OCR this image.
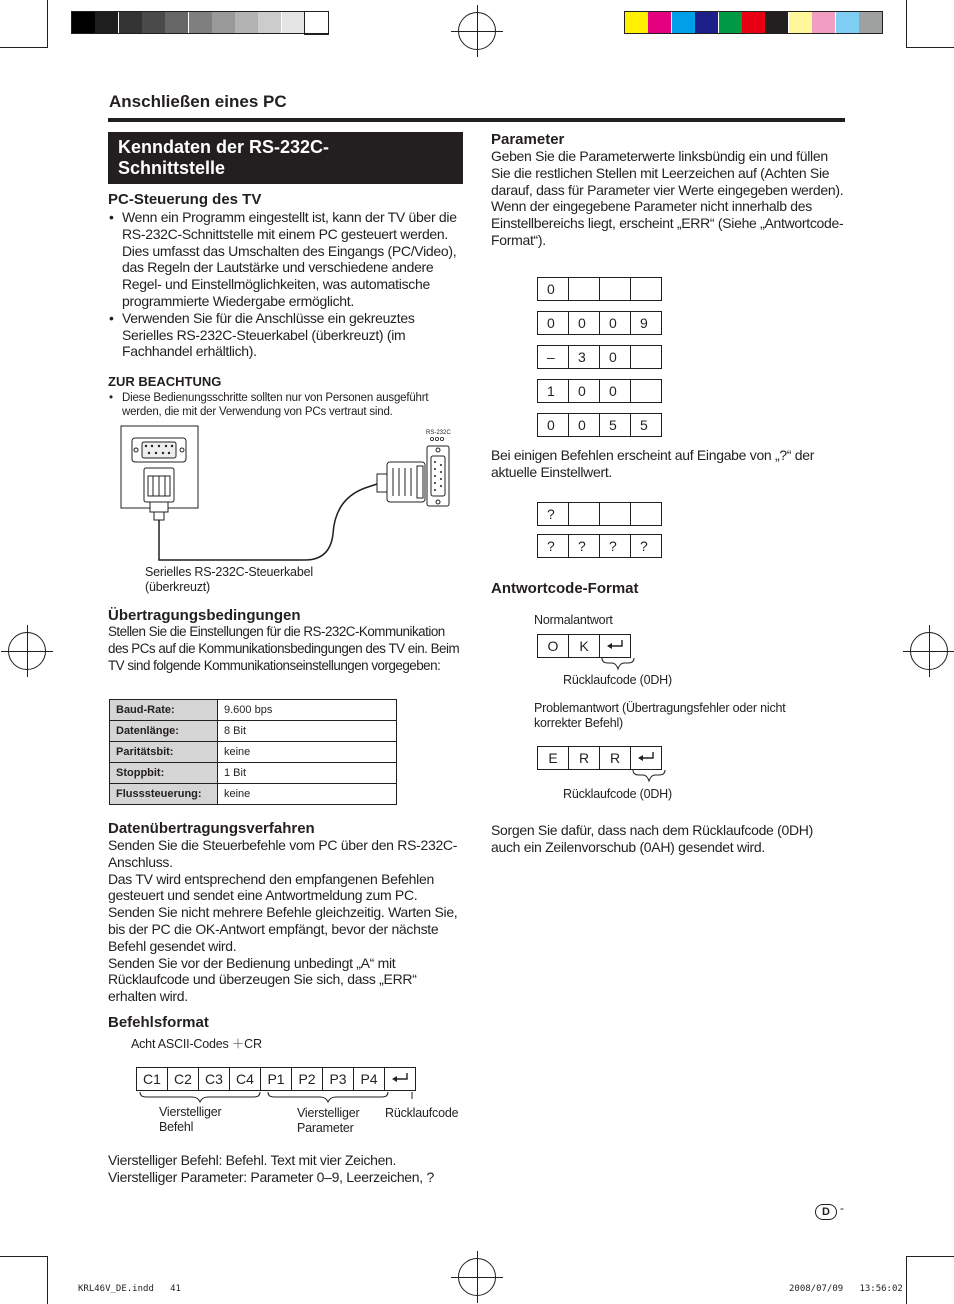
Anschließen eines PC
Kenndaten der RS-232C-
Schnittstelle
PC-Steuerung des TV
• Wenn ein Programm eingestellt ist, kann der TV über die RS-232C-Schnittstelle mit einem PC gesteuert werden. Dies umfasst das Umschalten des Eingangs (PC/Video), das Regeln der Lautstärke und verschiedene andere Regel- und Einstellmöglichkeiten, was automatische programmierte Wiedergabe ermöglicht.
• Verwenden Sie für die Anschlüsse ein gekreuztes Serielles RS-232C-Steuerkabel (überkreuzt) (im Fachhandel erhältlich).
ZUR BEACHTUNG
• Diese Bedienungsschritte sollten nur von Personen ausgeführt werden, die mit der Verwendung von PCs vertraut sind.
RS-232C
Serielles RS-232C-Steuerkabel
(überkreuzt)
Übertragungsbedingungen
Stellen Sie die Einstellungen für die RS-232C-Kommunikation des PCs auf die Kommunikationsbedingungen des TV ein. Beim TV sind folgende Kommunikationseinstellungen vorgegeben:
Baud-Rate:	9.600 bps
Datenlänge:	8 Bit
Paritätsbit:	keine
Stoppbit:	1 Bit
Flusssteuerung:	keine
Datenübertragungsverfahren
Senden Sie die Steuerbefehle vom PC über den RS-232C-Anschluss.
Das TV wird entsprechend den empfangenen Befehlen gesteuert und sendet eine Antwortmeldung zum PC. Senden Sie nicht mehrere Befehle gleichzeitig. Warten Sie, bis der PC die OK-Antwort empfängt, bevor der nächste Befehl gesendet wird.
Senden Sie vor der Bedienung unbedingt „A“ mit Rücklaufcode und überzeugen Sie sich, dass „ERR“ erhalten wird.
Befehlsformat
Acht ASCII-Codes ＋CR
C1 C2 C3 C4 P1 P2 P3 P4
Vierstelliger
Befehl
Vierstelliger
Parameter
Rücklaufcode
Vierstelliger Befehl: Befehl. Text mit vier Zeichen.
Vierstelliger Parameter: Parameter 0–9, Leerzeichen, ?
Parameter
Geben Sie die Parameterwerte linksbündig ein und füllen Sie die restlichen Stellen mit Leerzeichen auf (Achten Sie darauf, dass für Parameter vier Werte eingegeben werden).
Wenn der eingegebene Parameter nicht innerhalb des Einstellbereichs liegt, erscheint „ERR“ (Siehe „Antwortcode-Format“).
0
0	0	0	9
–	3	0
1	0	0
0	0	5	5
Bei einigen Befehlen erscheint auf Eingabe von „?“ der aktuelle Einstellwert.
?
?	?	?	?
Antwortcode-Format
Normalantwort
O	K
Rücklaufcode (0DH)
Problemantwort (Übertragungsfehler oder nicht
korrekter Befehl)
E	R	R
Rücklaufcode (0DH)
Sorgen Sie dafür, dass nach dem Rücklaufcode (0DH) auch ein Zeilenvorschub (0AH) gesendet wird.
D -
KRL46V_DE.indd   41	2008/07/09   13:56:02
